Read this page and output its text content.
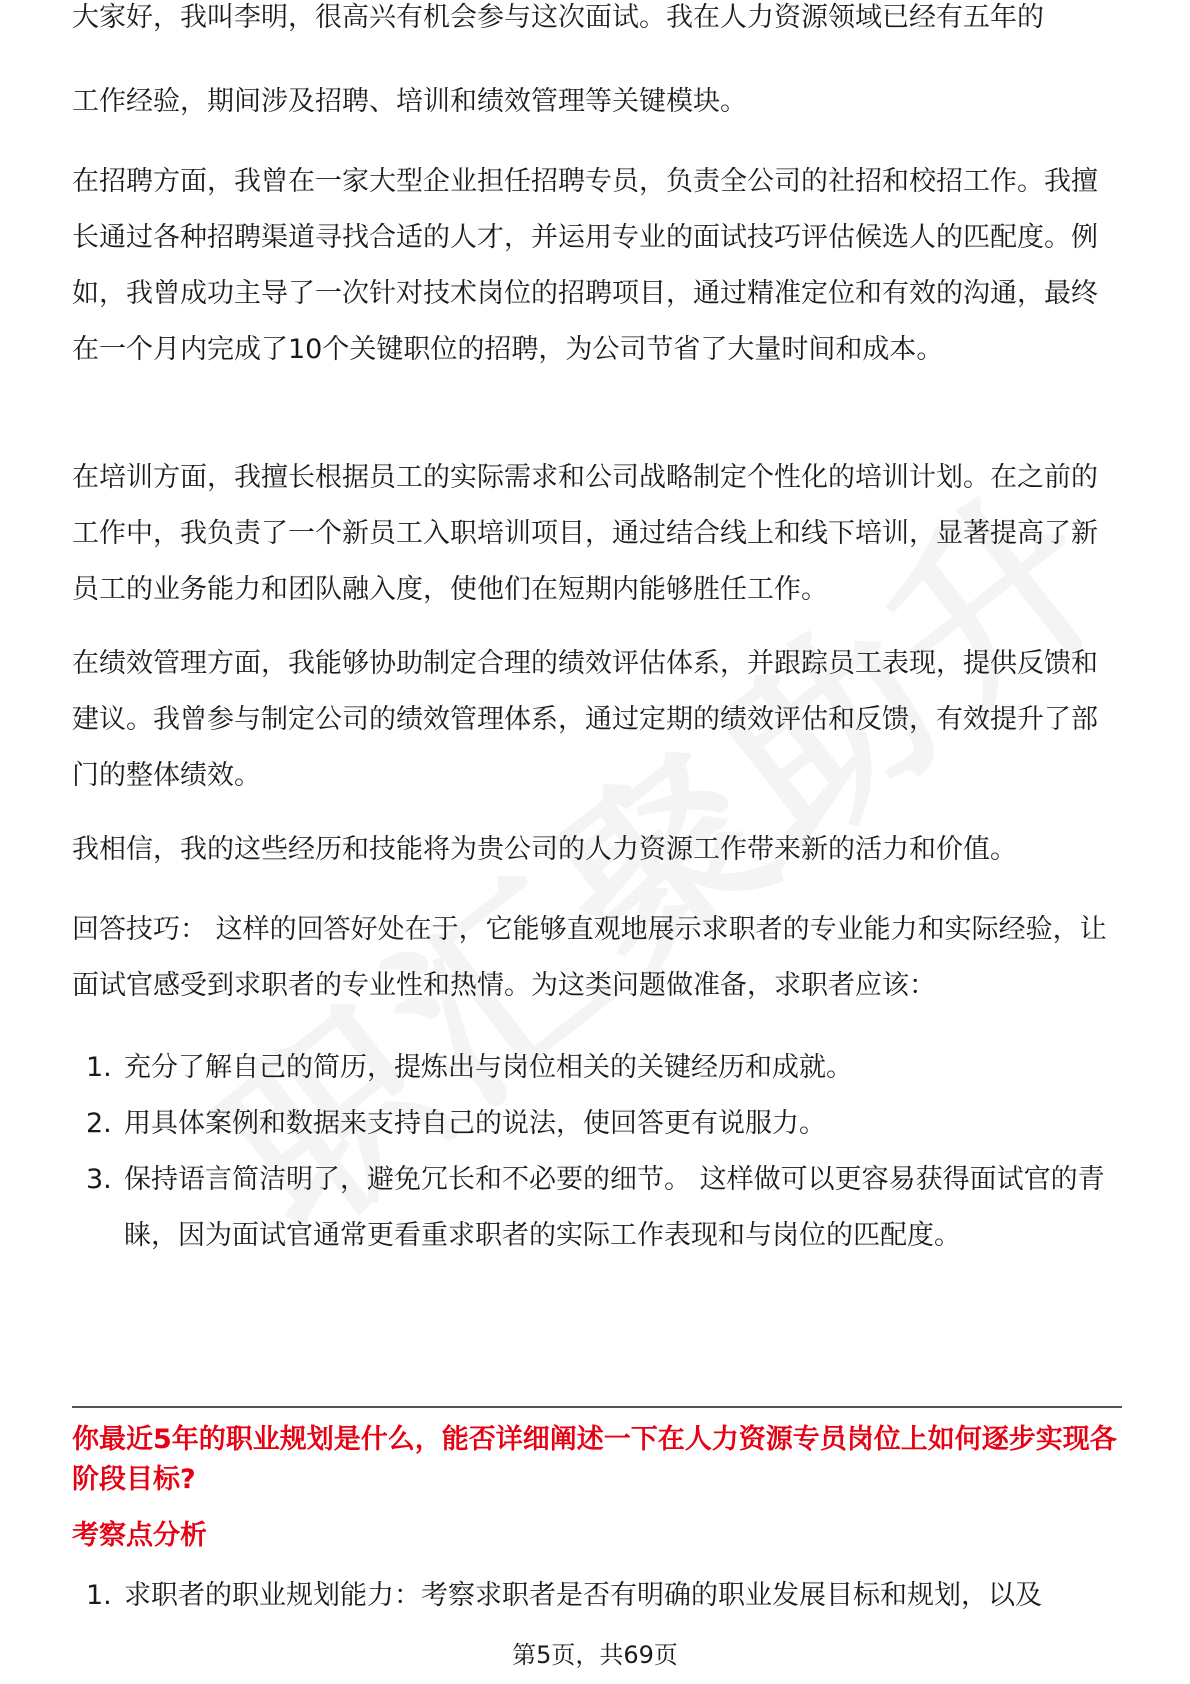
大家好，我叫李明，很高兴有机会参与这次面试。我在人力资源领域已经有五年的

工作经验，期间涉及招聘、培训和绩效管理等关键模块。

在招聘方面，我曾在一家大型企业担任招聘专员，负责全公司的社招和校招工作。我擅长通过各种招聘渠道寻找合适的人才，并运用专业的面试技巧评估候选人的匹配度。例如，我曾成功主导了一次针对技术岗位的招聘项目，通过精准定位和有效的沟通，最终在一个月内完成了10个关键职位的招聘，为公司节省了大量时间和成本。

在培训方面，我擅长根据员工的实际需求和公司战略制定个性化的培训计划。在之前的工作中，我负责了一个新员工入职培训项目，通过结合线上和线下培训，显著提高了新员工的业务能力和团队融入度，使他们在短期内能够胜任工作。

在绩效管理方面，我能够协助制定合理的绩效评估体系，并跟踪员工表现，提供反馈和建议。我曾参与制定公司的绩效管理体系，通过定期的绩效评估和反馈，有效提升了部门的整体绩效。

我相信，我的这些经历和技能将为贵公司的人力资源工作带来新的活力和价值。

回答技巧： 这样的回答好处在于，它能够直观地展示求职者的专业能力和实际经验，让面试官感受到求职者的专业性和热情。为这类问题做准备，求职者应该：

1. 充分了解自己的简历，提炼出与岗位相关的关键经历和成就。
2. 用具体案例和数据来支持自己的说法，使回答更有说服力。
3. 保持语言简洁明了，避免冗长和不必要的细节。 这样做可以更容易获得面试官的青睐，因为面试官通常更看重求职者的实际工作表现和与岗位的匹配度。
你最近5年的职业规划是什么，能否详细阐述一下在人力资源专员岗位上如何逐步实现各阶段目标?
考察点分析
1. 求职者的职业规划能力：考察求职者是否有明确的职业发展目标和规划，以及
第5页，共69页
